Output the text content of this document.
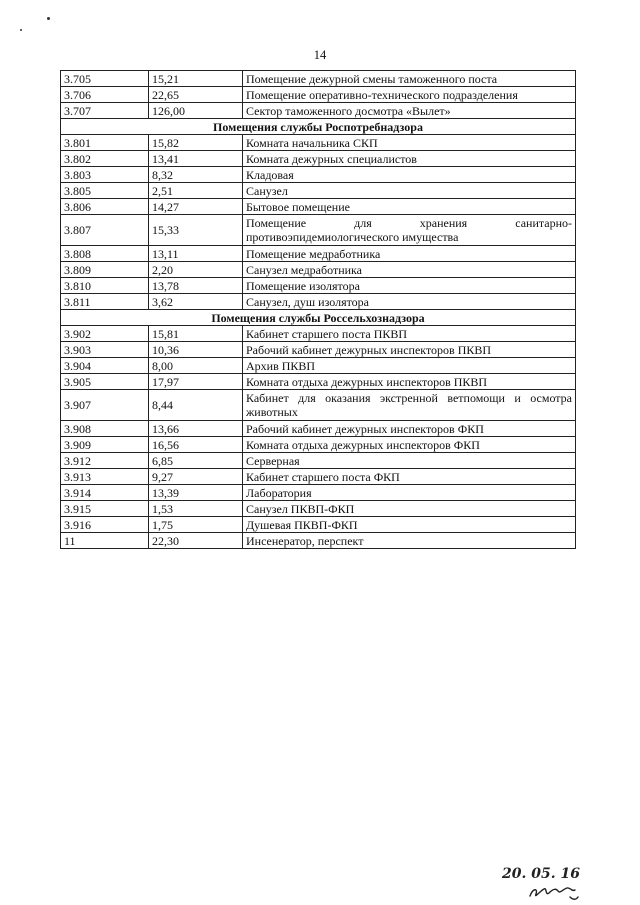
14
3.705	15,21	Помещение дежурной смены таможенного поста
3.706	22,65	Помещение оперативно-технического подразделения
3.707	126,00	Сектор таможенного досмотра «Вылет»
Помещения службы Роспотребнадзора		
3.801	15,82	Комната начальника СКП
3.802	13,41	Комната дежурных специалистов
3.803	8,32	Кладовая
3.805	2,51	Санузел
3.806	14,27	Бытовое помещение
3.807	15,33	Помещение для хранения санитарно-противоэпидемиологического имущества
3.808	13,11	Помещение медработника
3.809	2,20	Санузел медработника
3.810	13,78	Помещение изолятора
3.811	3,62	Санузел, душ изолятора
Помещения службы Россельхознадзора		
3.902	15,81	Кабинет старшего поста ПКВП
3.903	10,36	Рабочий кабинет дежурных инспекторов ПКВП
3.904	8,00	Архив ПКВП
3.905	17,97	Комната отдыха дежурных инспекторов ПКВП
3.907	8,44	Кабинет для оказания экстренной ветпомощи и осмотра животных
3.908	13,66	Рабочий кабинет дежурных инспекторов ФКП
3.909	16,56	Комната отдыха дежурных инспекторов ФКП
3.912	6,85	Серверная
3.913	9,27	Кабинет старшего поста ФКП
3.914	13,39	Лаборатория
3.915	1,53	Санузел ПКВП-ФКП
3.916	1,75	Душевая ПКВП-ФКП
11	22,30	Инсенератор, перспект
20. 05. 16
